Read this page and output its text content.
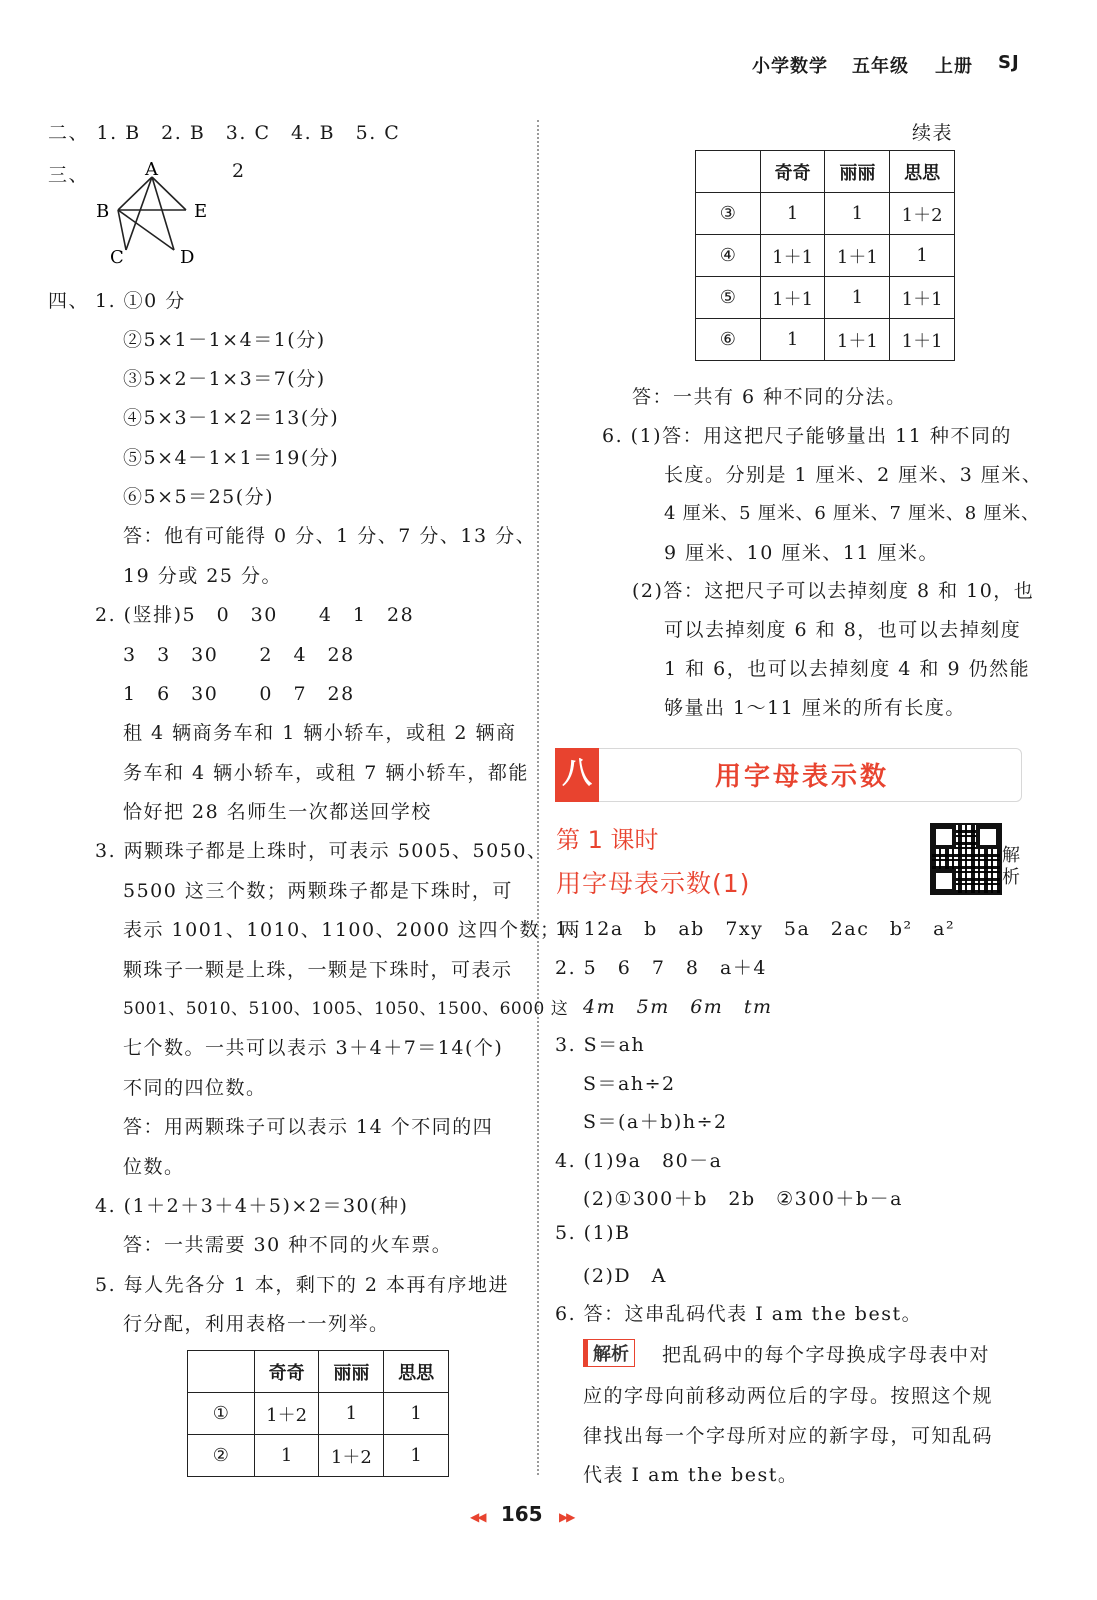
小学数学 五年级 上册 SJ
二、 1. B　2. B　3. C　4. B　5. C
三、	2
A
B	E
C	D
四、 1. ①0 分
②5×1－1×4＝1(分)
③5×2－1×3＝7(分)
④5×3－1×2＝13(分)
⑤5×4－1×1＝19(分)
⑥5×5＝25(分)
答：他有可能得 0 分、1 分、7 分、13 分、
19 分或 25 分。
2. (竖排)5　0　30　　4　1　28
3　3　30　　2　4　28
1　6　30　　0　7　28
租 4 辆商务车和 1 辆小轿车，或租 2 辆商
务车和 4 辆小轿车，或租 7 辆小轿车，都能
恰好把 28 名师生一次都送回学校
3. 两颗珠子都是上珠时，可表示 5005、5050、
5500 这三个数；两颗珠子都是下珠时，可
表示 1001、1010、1100、2000 这四个数；两
颗珠子一颗是上珠，一颗是下珠时，可表示
5001、5010、5100、1005、1050、1500、6000 这
七个数。一共可以表示 3＋4＋7＝14(个)
不同的四位数。
答：用两颗珠子可以表示 14 个不同的四
位数。
4. (1＋2＋3＋4＋5)×2＝30(种)
答：一共需要 30 种不同的火车票。
5. 每人先各分 1 本，剩下的 2 本再有序地进
行分配，利用表格一一列举。
	奇奇	丽丽	思思
①	1＋2	1	1
②	1	1＋2	1
续表
	奇奇	丽丽	思思
③	1	1	1＋2
④	1＋1	1＋1	1
⑤	1＋1	1	1＋1
⑥	1	1＋1	1＋1
答：一共有 6 种不同的分法。
6. (1)答：用这把尺子能够量出 11 种不同的
长度。分别是 1 厘米、2 厘米、3 厘米、
4 厘米、5 厘米、6 厘米、7 厘米、8 厘米、
9 厘米、10 厘米、11 厘米。
(2)答：这把尺子可以去掉刻度 8 和 10，也
可以去掉刻度 6 和 8，也可以去掉刻度
1 和 6，也可以去掉刻度 4 和 9 仍然能
够量出 1～11 厘米的所有长度。
八	用字母表示数
第 1 课时
用字母表示数(1)
解析
1. 12a　b　ab　7xy　5a　2ac　b²　a²
2. 5　6　7　8　a＋4
4m　5m　6m　tm
3. S＝ah
S＝ah÷2
S＝(a＋b)h÷2
4. (1)9a　80－a
(2)①300＋b　2b　②300＋b－a
5. (1)B
(2)D　A
6. 答：这串乱码代表 I am the best。
解析	把乱码中的每个字母换成字母表中对
应的字母向前移动两位后的字母。按照这个规
律找出每一个字母所对应的新字母，可知乱码
代表 I am the best。
◀◀ 165 ▶▶
